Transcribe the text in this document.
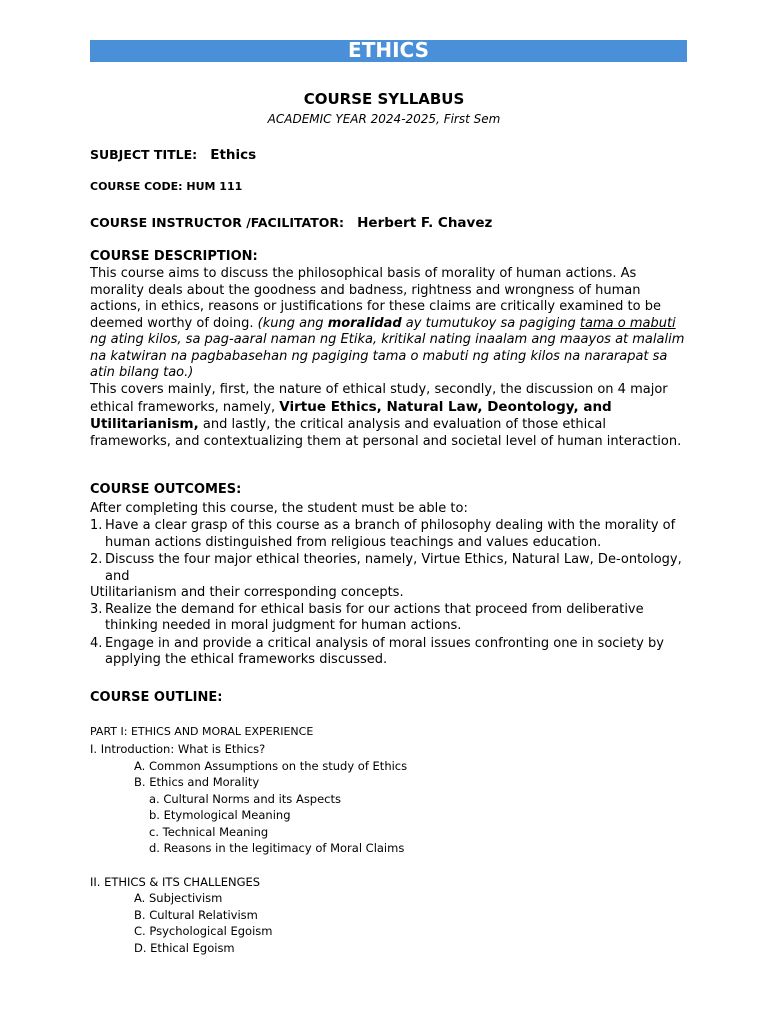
ETHICS
COURSE SYLLABUS
ACADEMIC YEAR 2024-2025, First Sem
SUBJECT TITLE: Ethics
COURSE CODE: HUM 111
COURSE INSTRUCTOR /FACILITATOR: Herbert F. Chavez
COURSE DESCRIPTION:
This course aims to discuss the philosophical basis of morality of human actions. As morality deals about the goodness and badness, rightness and wrongness of human actions, in ethics, reasons or justifications for these claims are critically examined to be deemed worthy of doing. (kung ang moralidad ay tumutukoy sa pagiging tama o mabuti ng ating kilos, sa pag-aaral naman ng Etika, kritikal nating inaalam ang maayos at malalim na katwiran na pagbabasehan ng pagiging tama o mabuti ng ating kilos na nararapat sa atin bilang tao.)
This covers mainly, first, the nature of ethical study, secondly, the discussion on 4 major ethical frameworks, namely, Virtue Ethics, Natural Law, Deontology, and Utilitarianism, and lastly, the critical analysis and evaluation of those ethical frameworks, and contextualizing them at personal and societal level of human interaction.
COURSE OUTCOMES:
After completing this course, the student must be able to:
1. Have a clear grasp of this course as a branch of philosophy dealing with the morality of human actions distinguished from religious teachings and values education.
2. Discuss the four major ethical theories, namely, Virtue Ethics, Natural Law, De-ontology, and
Utilitarianism and their corresponding concepts.
3. Realize the demand for ethical basis for our actions that proceed from deliberative thinking needed in moral judgment for human actions.
4. Engage in and provide a critical analysis of moral issues confronting one in society by applying the ethical frameworks discussed.
COURSE OUTLINE:
PART I: ETHICS AND MORAL EXPERIENCE
I. Introduction: What is Ethics?
A. Common Assumptions on the study of Ethics
B. Ethics and Morality
a. Cultural Norms and its Aspects
b. Etymological Meaning
c. Technical Meaning
d. Reasons in the legitimacy of Moral Claims
II. ETHICS & ITS CHALLENGES
A. Subjectivism
B. Cultural Relativism
C. Psychological Egoism
D. Ethical Egoism
